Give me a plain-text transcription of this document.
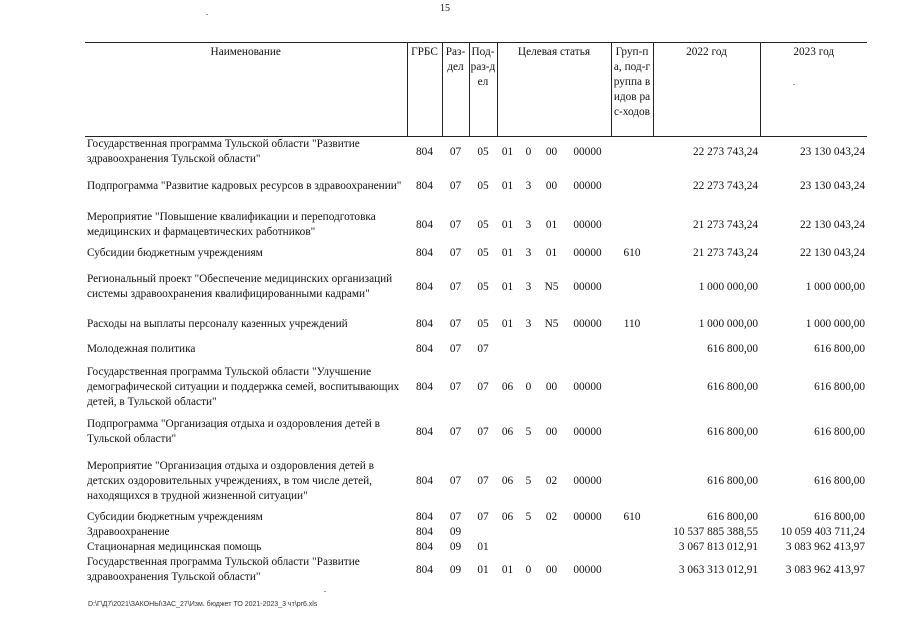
15
Наименование	ГРБС	Раз-дел	Под-раз-дел	Целевая статья				Груп-па, под-группа видов рас-ходов	2022 год	2023 год
Государственная программа Тульской области "Развитие здравоохранения Тульской области"	804	07	05	01	0	00	00000		22 273 743,24	23 130 043,24
Подпрограмма "Развитие кадровых ресурсов в здравоохранении"	804	07	05	01	3	00	00000		22 273 743,24	23 130 043,24
Мероприятие "Повышение квалификации и переподготовка медицинских и фармацевтических работников"	804	07	05	01	3	01	00000		21 273 743,24	22 130 043,24
Субсидии бюджетным учреждениям	804	07	05	01	3	01	00000	610	21 273 743,24	22 130 043,24
Региональный проект "Обеспечение медицинских организаций системы здравоохранения квалифицированными кадрами"	804	07	05	01	3	N5	00000		1 000 000,00	1 000 000,00
Расходы на выплаты персоналу казенных учреждений	804	07	05	01	3	N5	00000	110	1 000 000,00	1 000 000,00
Молодежная политика	804	07	07						616 800,00	616 800,00
Государственная программа Тульской области "Улучшение демографической ситуации и поддержка семей, воспитывающих детей, в Тульской области"	804	07	07	06	0	00	00000		616 800,00	616 800,00
Подпрограмма "Организация отдыха и оздоровления детей в Тульской области"	804	07	07	06	5	00	00000		616 800,00	616 800,00
Мероприятие "Организация отдыха и оздоровления детей в детских оздоровительных учреждениях, в том числе детей, находящихся в трудной жизненной ситуации"	804	07	07	06	5	02	00000		616 800,00	616 800,00
Субсидии бюджетным учреждениям	804	07	07	06	5	02	00000	610	616 800,00	616 800,00
Здравоохранение	804	09							10 537 885 388,55	10 059 403 711,24
Стационарная медицинская помощь	804	09	01						3 067 813 012,91	3 083 962 413,97
Государственная программа Тульской области "Развитие здравоохранения Тульской области"	804	09	01	01	0	00	00000		3 063 313 012,91	3 083 962 413,97
D:\Г\Д7\2021\ЗАКОНЫ\ЗАС_27\Изм. бюджет ТО 2021-2023_3 чт\pr6.xls
